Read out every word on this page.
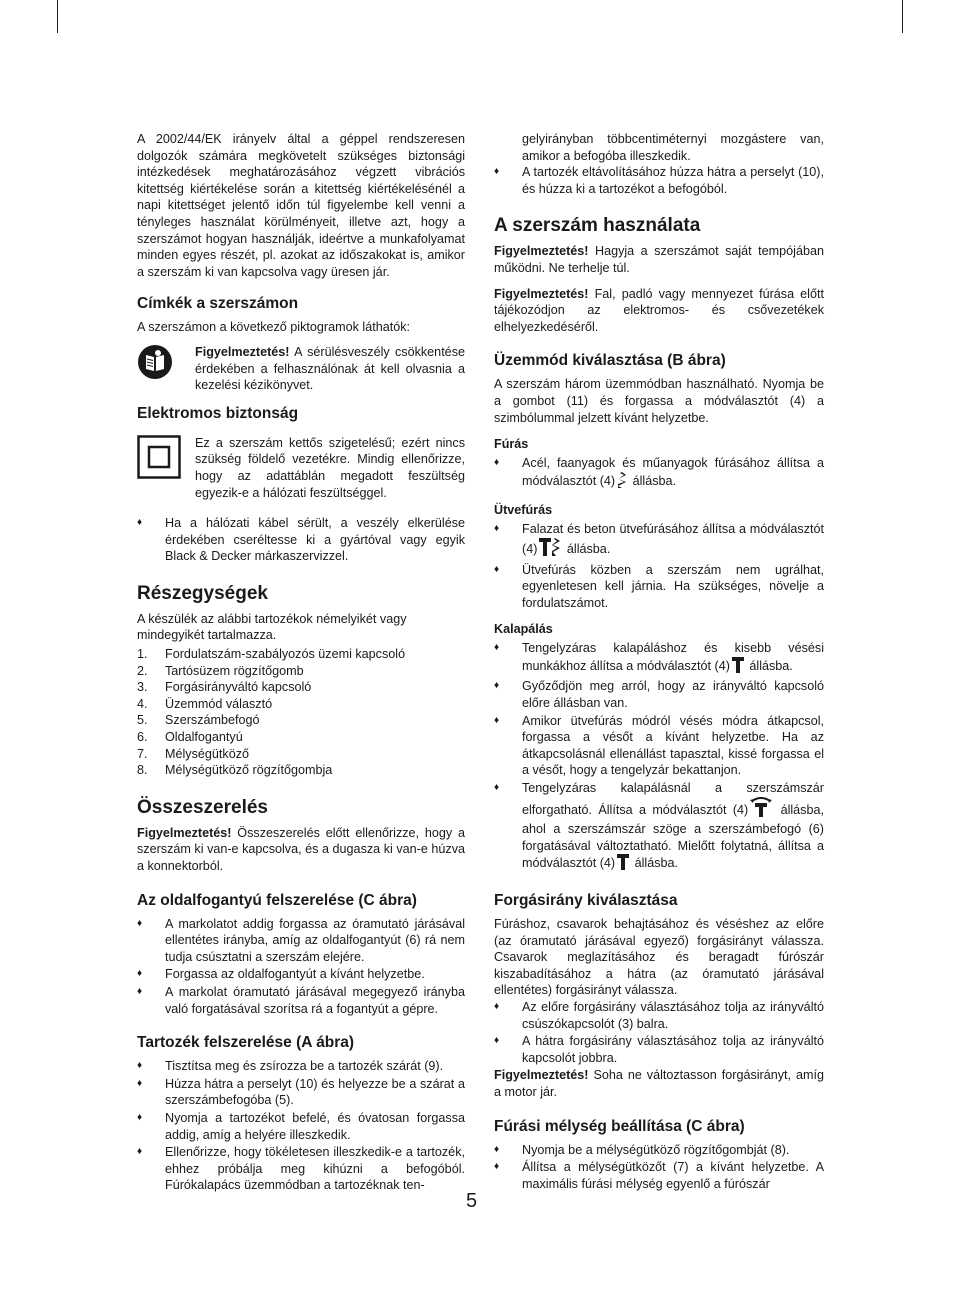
A 2002/44/EK irányelv által a géppel rendszeresen dolgozók számára megkövetelt szükséges biztonsági intézkedések meghatározásához végzett vibrációs kitettség kiértékelése során a kitettség kiértékelésénél a napi kitettséget jelentő időn túl figyelembe kell venni a tényleges használat körülményeit, illetve azt, hogy a szerszámot hogyan használják, ideértve a munkafolyamat minden egyes részét, pl. azokat az időszakokat is, amikor a szerszám ki van kapcsolva vagy üresen jár.

Címkék a szerszámon

A szerszámon a következő piktogramok láthatók:

Figyelmeztetés! A sérülésveszély csökkentése érdekében a felhasználónak át kell olvasnia a kezelési kézikönyvet.
Elektromos biztonság
Ez a szerszám kettős szigetelésű; ezért nincs szükség földelő vezetékre. Mindig ellenőrizze, hogy az adattáblán megadott feszültség egyezik-e a hálózati feszültséggel.
♦ Ha a hálózati kábel sérült, a veszély elkerülése érdekében cseréltesse ki a gyártóval vagy egyik Black & Decker márkaszervizzel.
Részegységek

A készülék az alábbi tartozékok némelyikét vagy mindegyikét tartalmazza.

1. Fordulatszám-szabályozós üzemi kapcsoló
2. Tartósüzem rögzítőgomb
3. Forgásirányváltó kapcsoló
4. Üzemmód választó
5. Szerszámbefogó
6. Oldalfogantyú
7. Mélységütköző
8. Mélységütköző rögzítőgombja
Összeszerelés

Figyelmeztetés! Összeszerelés előtt ellenőrizze, hogy a szerszám ki van-e kapcsolva, és a dugasza ki van-e húzva a konnektorból.

Az oldalfogantyú felszerelése (C ábra)
♦ A markolatot addig forgassa az óramutató járásával ellentétes irányba, amíg az oldalfogantyút (6) rá nem tudja csúsztatni a szerszám elejére.
♦ Forgassa az oldalfogantyút a kívánt helyzetbe.
♦ A markolat óramutató járásával megegyező irányba való forgatásával szorítsa rá a fogantyút a gépre.
Tartozék felszerelése (A ábra)
♦ Tisztítsa meg és zsírozza be a tartozék szárát (9).
♦ Húzza hátra a perselyt (10) és helyezze be a szárat a szerszámbefogóba (5).
♦ Nyomja a tartozékot befelé, és óvatosan forgassa addig, amíg a helyére illeszkedik.
♦ Ellenőrizze, hogy tökéletesen illeszkedik-e a tartozék, ehhez próbálja meg kihúzni a befogóból. Fúrókalapács üzemmódban a tartozéknak ten-

gelyirányban többcentiméternyi mozgástere van, amikor a befogóba illeszkedik.

♦ A tartozék eltávolításához húzza hátra a perselyt (10), és húzza ki a tartozékot a befogóból.
A szerszám használata

Figyelmeztetés! Hagyja a szerszámot saját tempójában működni. Ne terhelje túl.

Figyelmeztetés! Fal, padló vagy mennyezet fúrása előtt tájékozódjon az elektromos- és csővezetékek elhelyezkedéséről.

Üzemmód kiválasztása (B ábra)

A szerszám három üzemmódban használható. Nyomja be a gombot (11) és forgassa a módválasztót (4) a szimbólummal jelzett kívánt helyzetbe.

Fúrás
♦ Acél, faanyagok és műanyagok fúrásához állítsa a módválasztót (4) állásba.
Ütvefúrás
♦ Falazat és beton ütvefúrásához állítsa a módválasztót (4) állásba.
♦ Ütvefúrás közben a szerszám nem ugrálhat, egyenletesen kell járnia. Ha szükséges, növelje a fordulatszámot.
Kalapálás
♦ Tengelyzáras kalapáláshoz és kisebb vésési munkákhoz állítsa a módválasztót (4) állásba.
♦ Győződjön meg arról, hogy az irányváltó kapcsoló előre állásban van.
♦ Amikor ütvefúrás módról vésés módra átkapcsol, forgassa a vésőt a kívánt helyzetbe. Ha az átkapcsolásnál ellenállást tapasztal, kissé forgassa el a vésőt, hogy a tengelyzár bekattanjon.
♦ Tengelyzáras kalapálásnál a szerszámszár elforgatható. Állítsa a módválasztót (4) állásba, ahol a szerszámszár szöge a szerszámbefogó (6) forgatásával változtatható. Mielőtt folytatná, állítsa a módválasztót (4) állásba.
Forgásirány kiválasztása

Fúráshoz, csavarok behajtásához és véséshez az előre (az óramutató járásával egyező) forgásirányt válassza. Csavarok meglazításához és beragadt fúrószár kiszabadításához a hátra (az óramutató járásával ellentétes) forgásirányt válassza.

♦ Az előre forgásirány választásához tolja az irányváltó csúszókapcsolót (3) balra.
♦ A hátra forgásirány választásához tolja az irányváltó kapcsolót jobbra.

Figyelmeztetés! Soha ne változtasson forgásirányt, amíg a motor jár.

Fúrási mélység beállítása (C ábra)
♦ Nyomja be a mélységütköző rögzítőgombját (8).
♦ Állítsa a mélységütközőt (7) a kívánt helyzetbe. A maximális fúrási mélység egyenlő a fúrószár
5
